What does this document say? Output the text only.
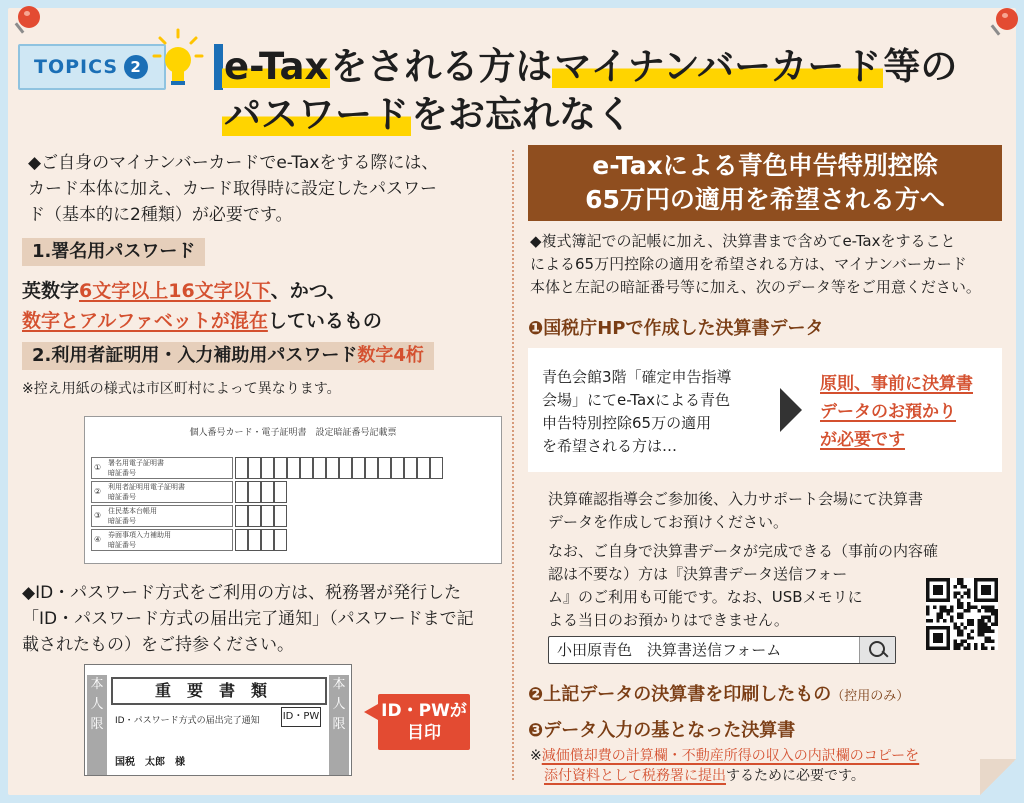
TOPICS 2 e-Taxをされる方はマイナンバーカード等の
パスワードをお忘れなく
◆ご自身のマイナンバーカードでe-Taxをする際には、
カード本体に加え、カード取得時に設定したパスワー
ド（基本的に2種類）が必要です。
1.署名用パスワード
英数字6文字以上16文字以下、かつ、
数字とアルファベットが混在しているもの
2.利用者証明用・入力補助用パスワード数字4桁
※控え用紙の様式は市区町村によって異なります。
個人番号カード・電子証明書　設定暗証番号記載票
① 署名用電子証明書
暗証番号
② 利用者証明用電子証明書
暗証番号
③ 住民基本台帳用
暗証番号
④ 券面事項入力補助用
暗証番号
◆ID・パスワード方式をご利用の方は、税務署が発行した
「ID・パスワード方式の届出完了通知」（パスワードまで記
載されたもの）をご持参ください。
本人限
本人限
重要書類
ID・パスワード方式の届出完了通知 ID・PW
国税　太郎　様
ID・PWが
目印
e-Taxによる青色申告特別控除
65万円の適用を希望される方へ
◆複式簿記での記帳に加え、決算書まで含めてe-Taxをすること
による65万円控除の適用を希望される方は、マイナンバーカード
本体と左記の暗証番号等に加え、次のデータ等をご用意ください。
❶国税庁HPで作成した決算書データ
青色会館3階「確定申告指導
会場」にてe-Taxによる青色
申告特別控除65万の適用
を希望される方は…
原則、事前に決算書
データのお預かり
が必要です
決算確認指導会ご参加後、入力サポート会場にて決算書
データを作成してお預けください。
なお、ご自身で決算書データが完成できる（事前の内容確
認は不要な）方は『決算書データ送信フォー
ム』のご利用も可能です。なお、USBメモリに
よる当日のお預かりはできません。
小田原青色　決算書送信フォーム
❷上記データの決算書を印刷したもの（控用のみ）
❸データ入力の基となった決算書
※減価償却費の計算欄・不動産所得の収入の内訳欄のコピーを
添付資料として税務署に提出するために必要です。
